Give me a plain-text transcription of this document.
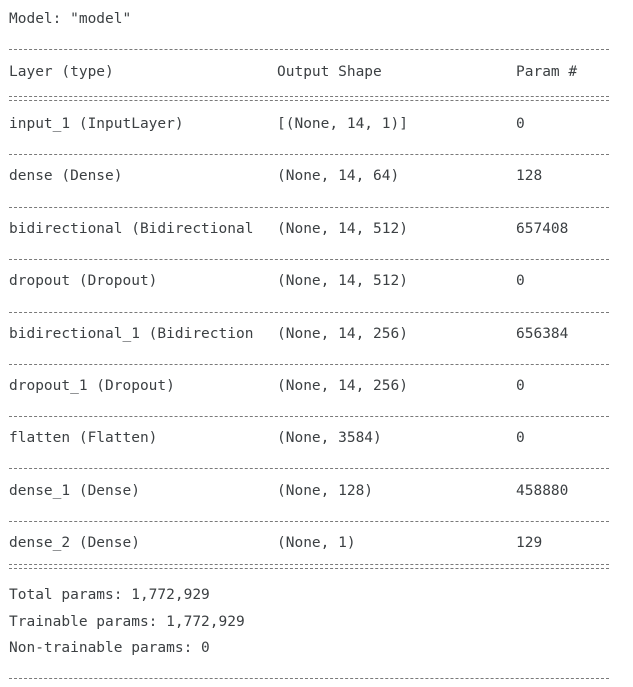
Model: "model"
Layer (type)	Output Shape	Param #
input_1 (InputLayer)	[(None, 14, 1)]	0
dense (Dense)	(None, 14, 64)	128
bidirectional (Bidirectional	(None, 14, 512)	657408
dropout (Dropout)	(None, 14, 512)	0
bidirectional_1 (Bidirection	(None, 14, 256)	656384
dropout_1 (Dropout)	(None, 14, 256)	0
flatten (Flatten)	(None, 3584)	0
dense_1 (Dense)	(None, 128)	458880
dense_2 (Dense)	(None, 1)	129
Total params: 1,772,929
Trainable params: 1,772,929
Non-trainable params: 0
